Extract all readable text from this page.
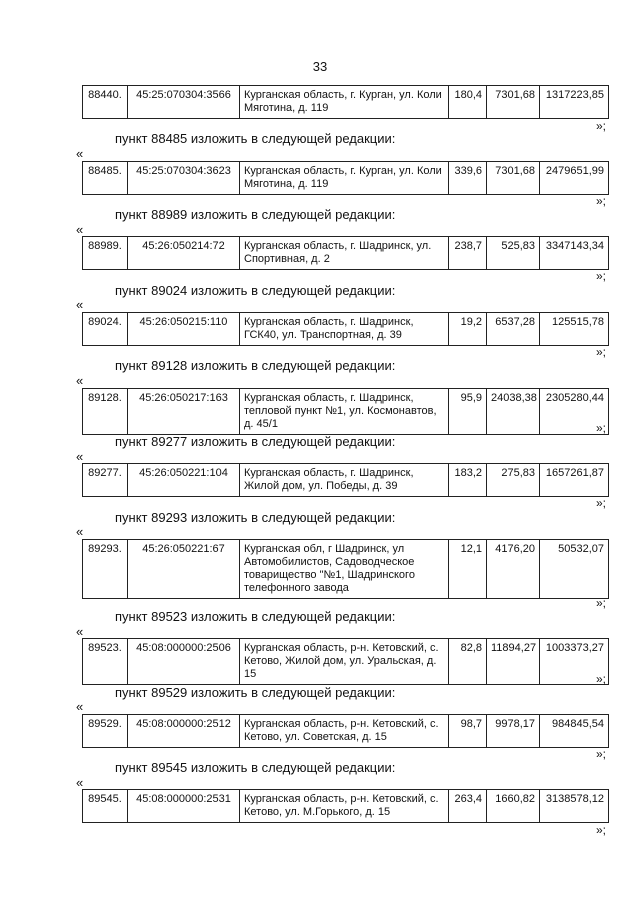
33
88440.	45:25:070304:3566	Курганская область, г. Курган, ул. Коли Мяготина, д. 119	180,4	7301,68	1317223,85
»;
пункт 88485 изложить в следующей редакции:
«
88485.	45:25:070304:3623	Курганская область, г. Курган, ул. Коли Мяготина, д. 119	339,6	7301,68	2479651,99
»;
пункт 88989 изложить в следующей редакции:
«
88989.	45:26:050214:72	Курганская область, г. Шадринск, ул. Спортивная, д. 2	238,7	525,83	3347143,34
»;
пункт 89024 изложить в следующей редакции:
«
89024.	45:26:050215:110	Курганская область, г. Шадринск, ГСК40, ул. Транспортная, д. 39	19,2	6537,28	125515,78
»;
пункт 89128 изложить в следующей редакции:
«
89128.	45:26:050217:163	Курганская область, г. Шадринск, тепловой пункт №1, ул. Космонавтов, д. 45/1	95,9	24038,38	2305280,44
»;
пункт 89277 изложить в следующей редакции:
«
89277.	45:26:050221:104	Курганская область, г. Шадринск, Жилой дом, ул. Победы, д. 39	183,2	275,83	1657261,87
»;
пункт 89293 изложить в следующей редакции:
«
89293.	45:26:050221:67	Курганская обл, г Шадринск, ул Автомобилистов, Садоводческое товарищество "№1, Шадринского телефонного завода	12,1	4176,20	50532,07
»;
пункт 89523 изложить в следующей редакции:
«
89523.	45:08:000000:2506	Курганская область, р-н. Кетовский, с. Кетово, Жилой дом, ул. Уральская, д. 15	82,8	11894,27	1003373,27
»;
пункт 89529 изложить в следующей редакции:
«
89529.	45:08:000000:2512	Курганская область, р-н. Кетовский, с. Кетово, ул. Советская, д. 15	98,7	9978,17	984845,54
»;
пункт 89545 изложить в следующей редакции:
«
89545.	45:08:000000:2531	Курганская область, р-н. Кетовский, с. Кетово, ул. М.Горького, д. 15	263,4	1660,82	3138578,12
»;
